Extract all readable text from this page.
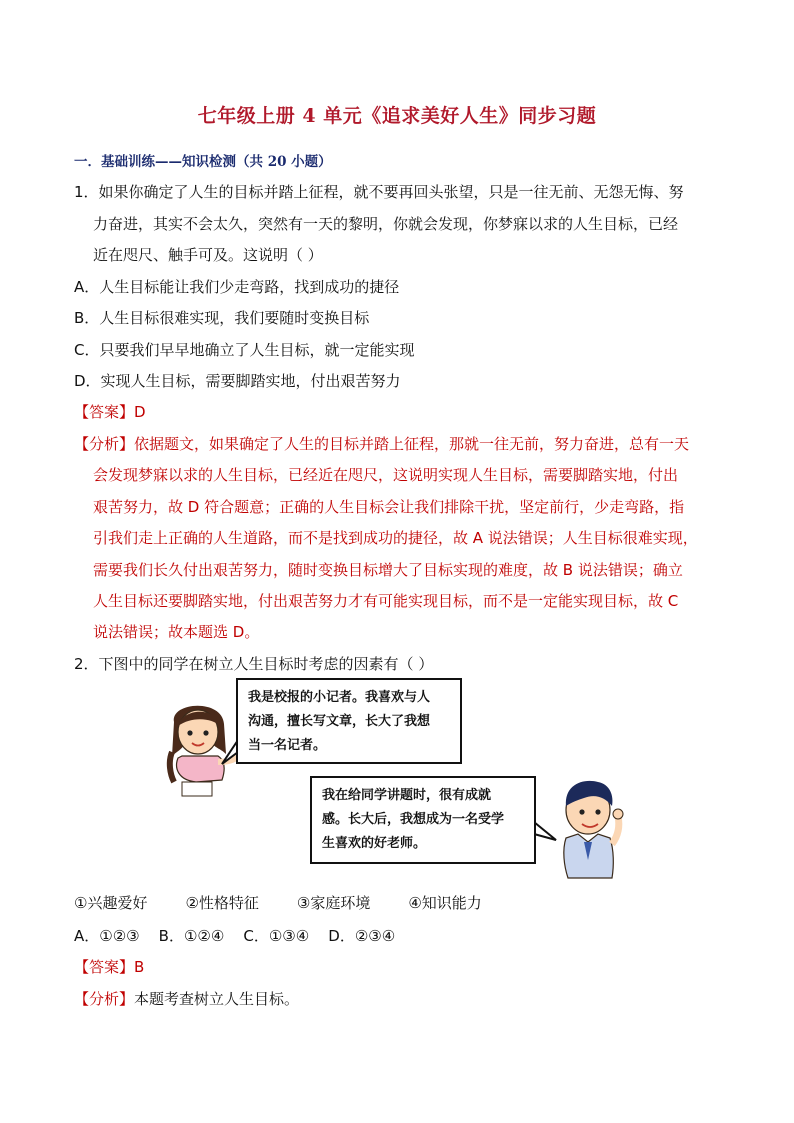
七年级上册 4 单元《追求美好人生》同步习题
一．基础训练——知识检测（共 20 小题）
1．如果你确定了人生的目标并踏上征程，就不要再回头张望，只是一往无前、无怨无悔、努
力奋进，其实不会太久，突然有一天的黎明，你就会发现，你梦寐以求的人生目标，已经
近在咫尺、触手可及。这说明（ ）
A．人生目标能让我们少走弯路，找到成功的捷径
B．人生目标很难实现，我们要随时变换目标
C．只要我们早早地确立了人生目标，就一定能实现
D．实现人生目标，需要脚踏实地，付出艰苦努力
【答案】D
【分析】依据题文，如果确定了人生的目标并踏上征程，那就一往无前，努力奋进，总有一天
会发现梦寐以求的人生目标，已经近在咫尺，这说明实现人生目标，需要脚踏实地，付出
艰苦努力，故 D 符合题意；正确的人生目标会让我们排除干扰，坚定前行，少走弯路，指
引我们走上正确的人生道路，而不是找到成功的捷径，故 A 说法错误；人生目标很难实现，
需要我们长久付出艰苦努力，随时变换目标增大了目标实现的难度，故 B 说法错误；确立
人生目标还要脚踏实地，付出艰苦努力才有可能实现目标，而不是一定能实现目标，故 C
说法错误；故本题选 D。
2．下图中的同学在树立人生目标时考虑的因素有（ ）
我是校报的小记者。我喜欢与人
沟通，擅长写文章，长大了我想
当一名记者。
我在给同学讲题时，很有成就
感。长大后，我想成为一名受学
生喜欢的好老师。
①兴趣爱好	②性格特征	③家庭环境	④知识能力
A．①②③    B．①②④    C．①③④    D．②③④
【答案】B
【分析】本题考查树立人生目标。
